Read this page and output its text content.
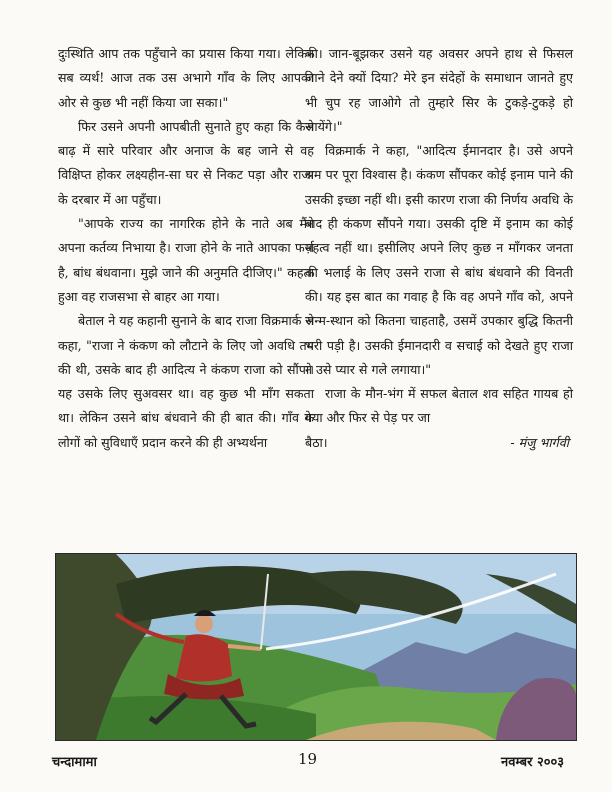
दुःस्थिति आप तक पहुँचाने का प्रयास किया गया। लेकिन सब व्यर्थ! आज तक उस अभागे गाँव के लिए आपकी ओर से कुछ भी नहीं किया जा सका।"

फिर उसने अपनी आपबीती सुनाते हुए कहा कि कैसे बाढ़ में सारे परिवार और अनाज के बह जाने से वह विक्षिप्त होकर लक्ष्यहीन-सा घर से निकट पड़ा और राजा के दरबार में आ पहुँचा।

"आपके राज्य का नागरिक होने के नाते अब मैंने अपना कर्तव्य निभाया है। राजा होने के नाते आपका फर्ज़ है, बांध बंधवाना। मुझे जाने की अनुमति दीजिए।" कहता हुआ वह राजसभा से बाहर आ गया।

बेताल ने यह कहानी सुनाने के बाद राजा विक्रमार्क से कहा, "राजा ने कंकण को लौटाने के लिए जो अवधि तय की थी, उसके बाद ही आदित्य ने कंकण राजा को सौंपा। यह उसके लिए सुअवसर था। वह कुछ भी माँग सकता था। लेकिन उसने बांध बंधवाने की ही बात की। गाँव के लोगों को सुविधाएँ प्रदान करने की ही अभ्यर्थना

की। जान-बूझकर उसने यह अवसर अपने हाथ से फिसल जाने देने क्यों दिया? मेरे इन संदेहों के समाधान जानते हुए भी चुप रह जाओगे तो तुम्हारे सिर के टुकड़े-टुकड़े हो जायेंगे।"

विक्रमार्क ने कहा, "आदित्य ईमानदार है। उसे अपने श्रम पर पूरा विश्वास है। कंकण सौंपकर कोई इनाम पाने की उसकी इच्छा नहीं थी। इसी कारण राजा की निर्णय अवधि के बाद ही कंकण सौंपने गया। उसकी दृष्टि में इनाम का कोई महत्व नहीं था। इसीलिए अपने लिए कुछ न माँगकर जनता की भलाई के लिए उसने राजा से बांध बंधवाने की विनती की। यह इस बात का गवाह है कि वह अपने गाँव को, अपने जन्म-स्थान को कितना चाहताहै, उसमें उपकार बुद्धि कितनी भरी पड़ी है। उसकी ईमानदारी व सचाई को देखते हुए राजा ने उसे प्यार से गले लगाया।"

राजा के मौन-भंग में सफल बेताल शव सहित गायब हो गया और फिर से पेड़ पर जा

बैठा।	- मंजु भार्गवी
चन्दामामा	19	नवम्बर २००३
